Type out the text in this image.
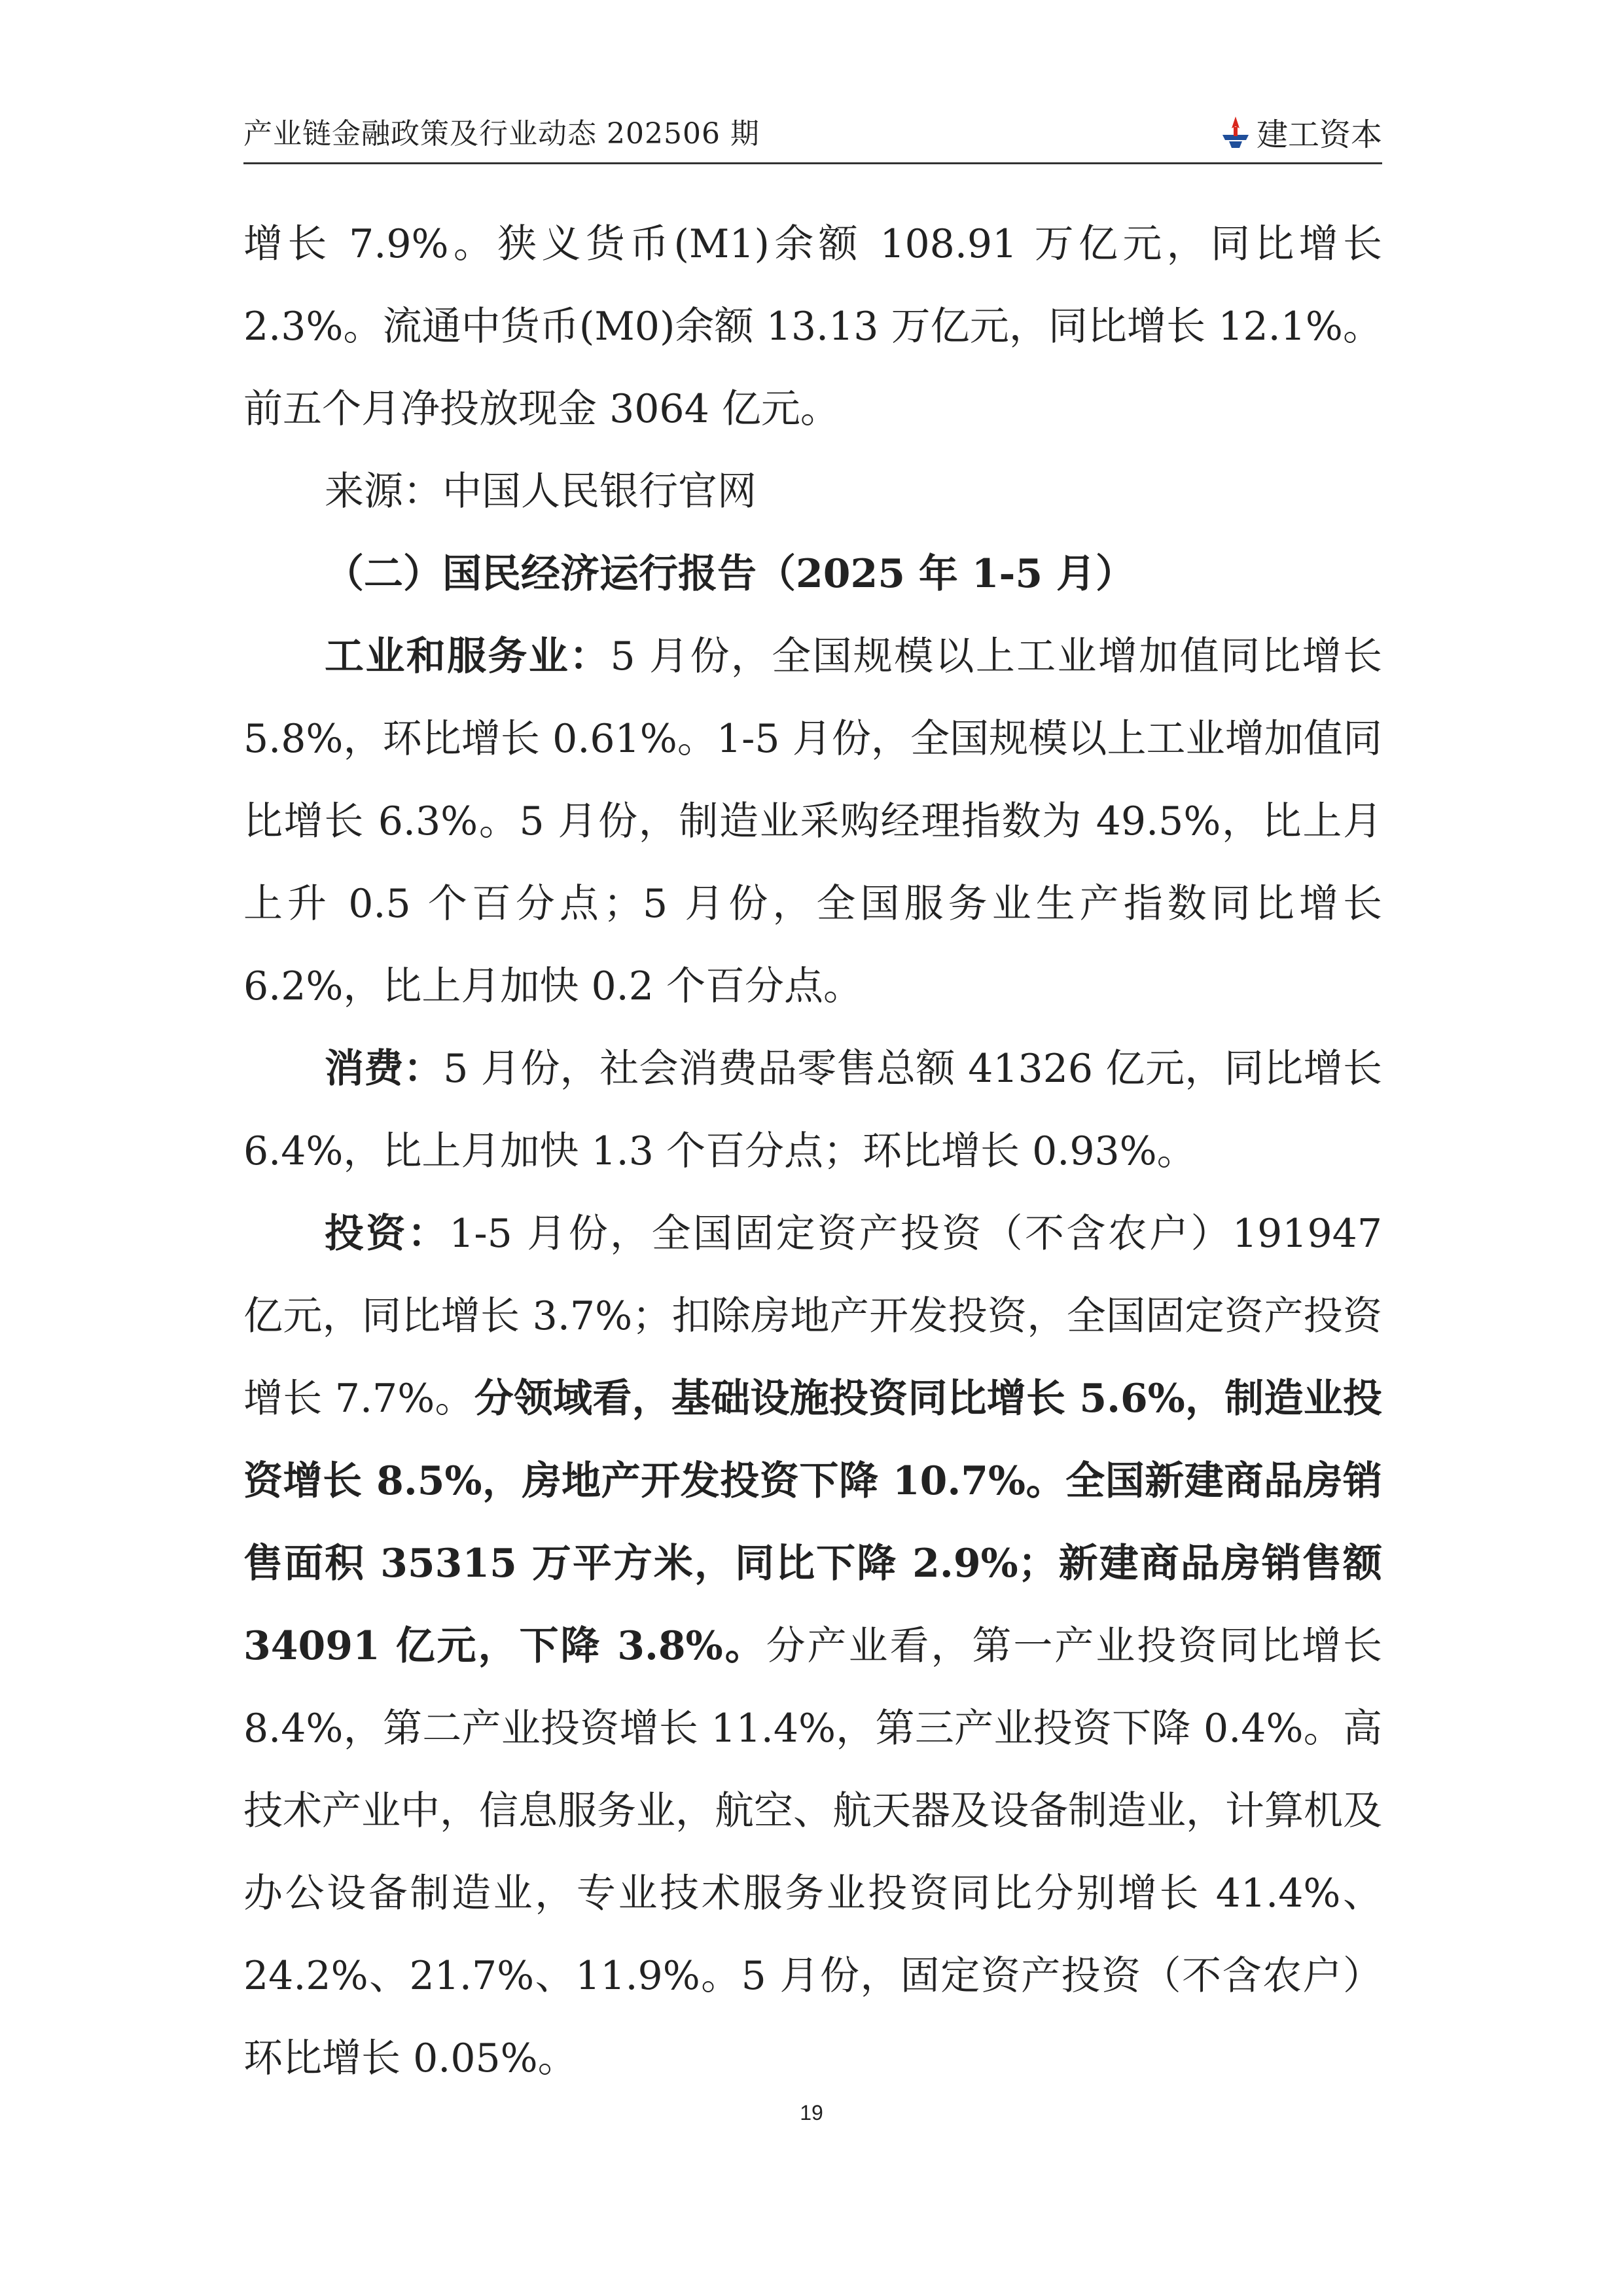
产业链金融政策及行业动态 202506 期	建工资本

增长 7.9%。狭义货币(M1)余额 108.91 万亿元，同比增长 2.3%。流通中货币(M0)余额 13.13 万亿元，同比增长 12.1%。前五个月净投放现金 3064 亿元。

来源：中国人民银行官网

（二）国民经济运行报告（2025 年 1-5 月）

工业和服务业：5 月份，全国规模以上工业增加值同比增长 5.8%，环比增长 0.61%。1-5 月份，全国规模以上工业增加值同比增长 6.3%。5 月份，制造业采购经理指数为 49.5%，比上月上升 0.5 个百分点；5 月份，全国服务业生产指数同比增长 6.2%，比上月加快 0.2 个百分点。

消费：5 月份，社会消费品零售总额 41326 亿元，同比增长 6.4%，比上月加快 1.3 个百分点；环比增长 0.93%。

投资：1-5 月份，全国固定资产投资（不含农户）191947 亿元，同比增长 3.7%；扣除房地产开发投资，全国固定资产投资增长 7.7%。分领域看，基础设施投资同比增长 5.6%，制造业投资增长 8.5%，房地产开发投资下降 10.7%。全国新建商品房销售面积 35315 万平方米，同比下降 2.9%；新建商品房销售额 34091 亿元，下降 3.8%。分产业看，第一产业投资同比增长 8.4%，第二产业投资增长 11.4%，第三产业投资下降 0.4%。高技术产业中，信息服务业，航空、航天器及设备制造业，计算机及办公设备制造业，专业技术服务业投资同比分别增长 41.4%、24.2%、21.7%、11.9%。5 月份，固定资产投资（不含农户）环比增长 0.05%。

19
